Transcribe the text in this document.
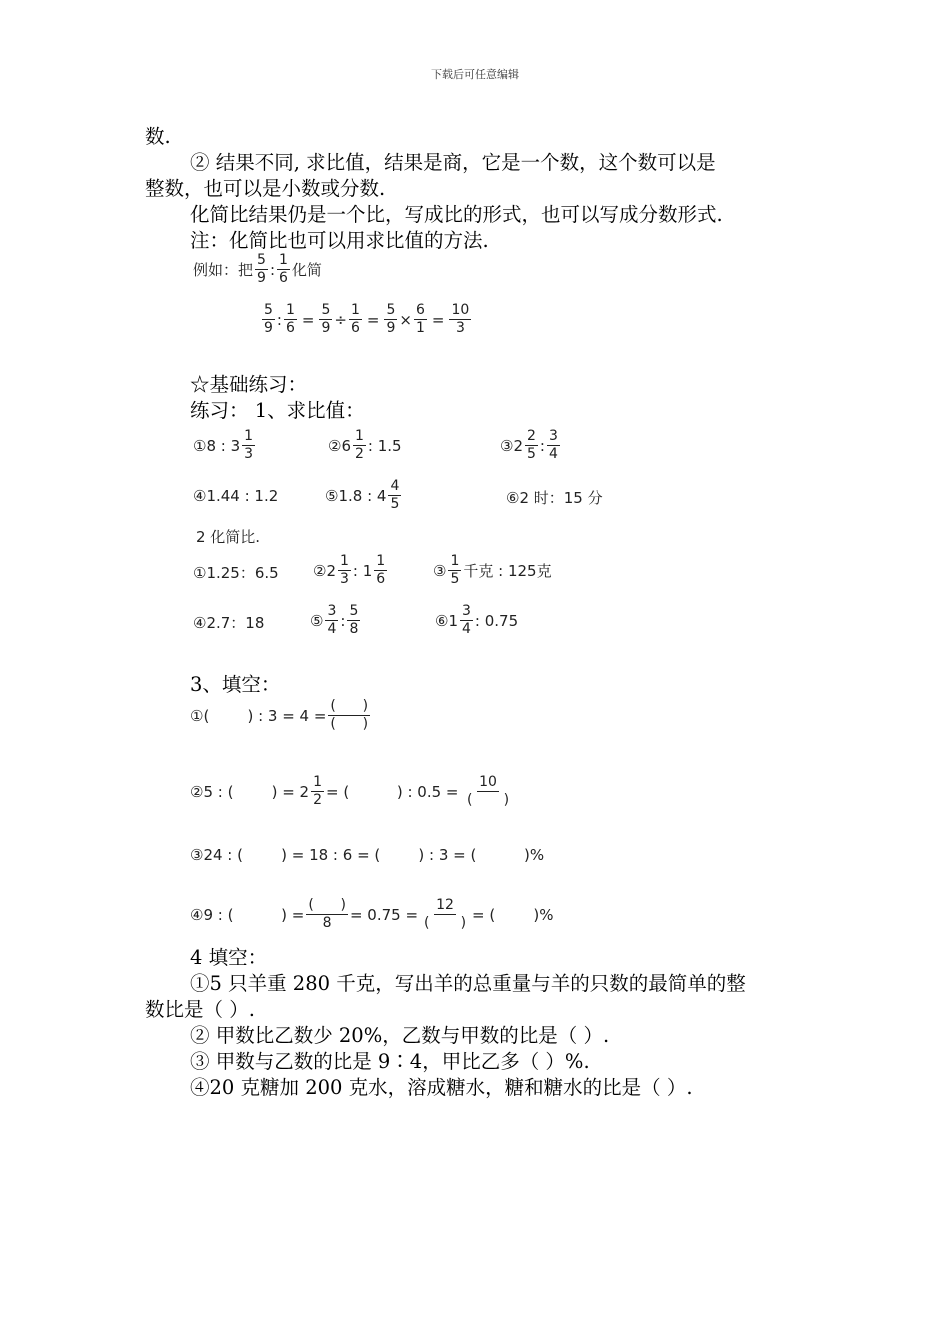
下载后可任意编辑
数.
② 结果不同, 求比值，结果是商，它是一个数，这个数可以是
整数，也可以是小数或分数.
化简比结果仍是一个比，写成比的形式，也可以写成分数形式.
注：化简比也可以用求比值的方法.
例如：把 $\frac{5}{9}$ : $\frac{1}{6}$ 化简
$\frac{5}{9}$ : $\frac{1}{6} = \frac{5}{9} \div \frac{1}{6} = \frac{5}{9} \times \frac{6}{1} = \frac{10}{3}$
☆基础练习：
练习： 1、求比值：
①8 : $3 \frac{1}{3}$	②6 $\frac{1}{2}$ : 1.5	③2 $\frac{2}{5}$ : $\frac{3}{4}$
④1.44 : 1.2	⑤1.8 : $4 \frac{4}{5}$	⑥2 时：15 分
2 化简比.
①1.25：6.5 ②2 $\frac{1}{3}$ : $1 \frac{1}{6}$	③ $\frac{1}{5}$ 千克 : 125克
④2.7：18	⑤ $\frac{3}{4}$ : $\frac{5}{8}$	⑥1 $\frac{3}{4}$ : 0.75
3、填空：
①(        ) : $3 = 4 = \frac{( )}{( )}$
②5 : (        ) = $2 \frac{1}{2}$ = (          ) : $0.5 = \frac{10}{( )}$
③24 : (        ) = 18 : 6 = (        ) : 3 = (          )%
④9 : (          ) = $\frac{( )}{8} = 0.75 = \frac{12}{( )}$ = (        )%
4 填空：
①5 只羊重 280 千克，写出羊的总重量与羊的只数的最简单的整
数比是（ ）.
② 甲数比乙数少 20%，乙数与甲数的比是（ ）.
③ 甲数与乙数的比是 9∶4，甲比乙多（ ）%.
④20 克糖加 200 克水，溶成糖水，糖和糖水的比是（ ）.
